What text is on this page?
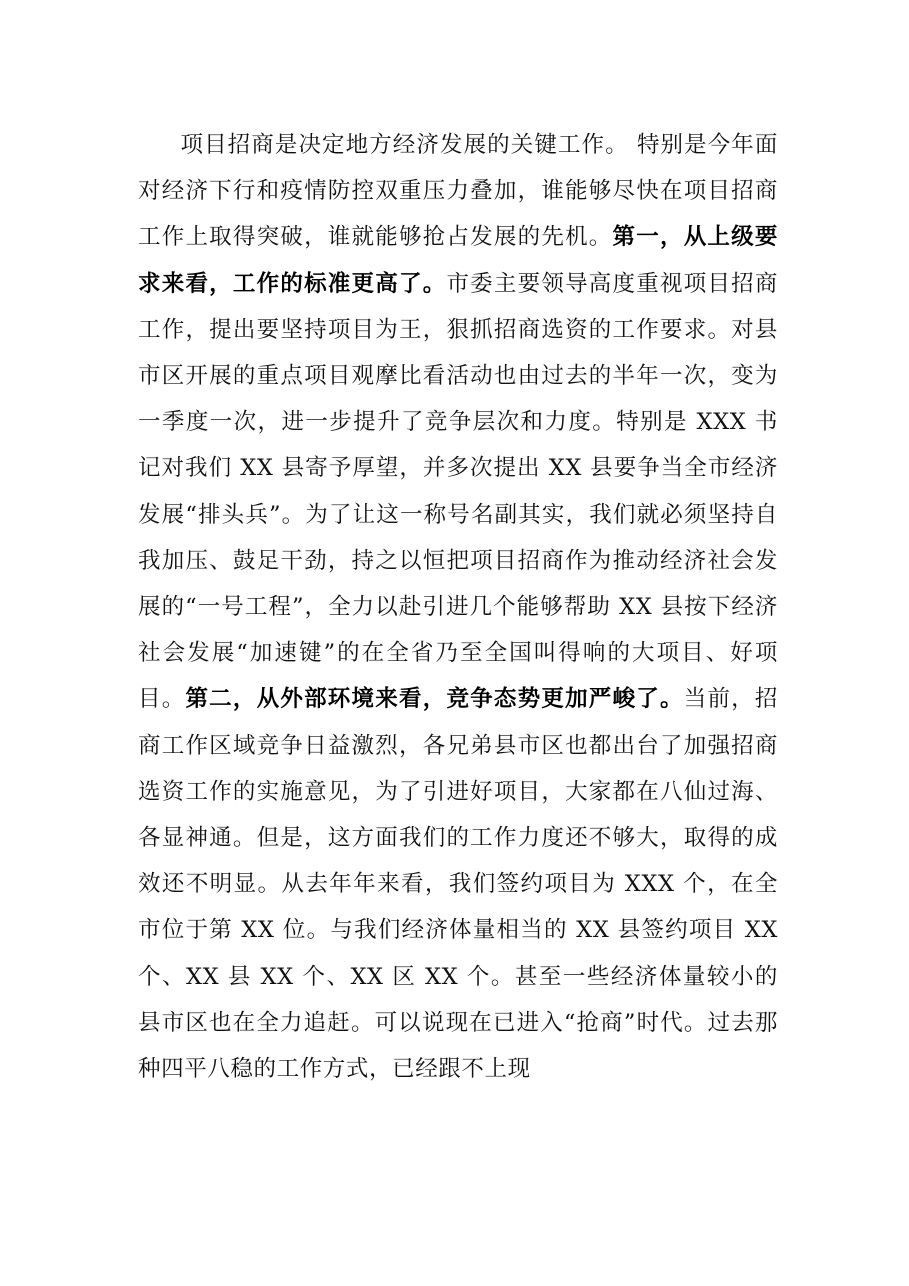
项目招商是决定地方经济发展的关键工作。 特别是今年面对经济下行和疫情防控双重压力叠加，谁能够尽快在项目招商工作上取得突破，谁就能够抢占发展的先机。第一，从上级要求来看，工作的标准更高了。市委主要领导高度重视项目招商工作，提出要坚持项目为王，狠抓招商选资的工作要求。对县市区开展的重点项目观摩比看活动也由过去的半年一次，变为一季度一次，进一步提升了竞争层次和力度。特别是 XXX 书记对我们 XX 县寄予厚望，并多次提出 XX 县要争当全市经济发展“排头兵”。为了让这一称号名副其实，我们就必须坚持自我加压、鼓足干劲，持之以恒把项目招商作为推动经济社会发展的“一号工程”，全力以赴引进几个能够帮助 XX 县按下经济社会发展“加速键”的在全省乃至全国叫得响的大项目、好项目。第二，从外部环境来看，竞争态势更加严峻了。当前，招商工作区域竞争日益激烈，各兄弟县市区也都出台了加强招商选资工作的实施意见，为了引进好项目，大家都在八仙过海、各显神通。但是，这方面我们的工作力度还不够大，取得的成效还不明显。从去年年来看，我们签约项目为 XXX 个，在全市位于第 XX 位。与我们经济体量相当的 XX 县签约项目 XX 个、XX 县 XX 个、XX 区 XX 个。甚至一些经济体量较小的县市区也在全力追赶。可以说现在已进入“抢商”时代。过去那种四平八稳的工作方式，已经跟不上现
